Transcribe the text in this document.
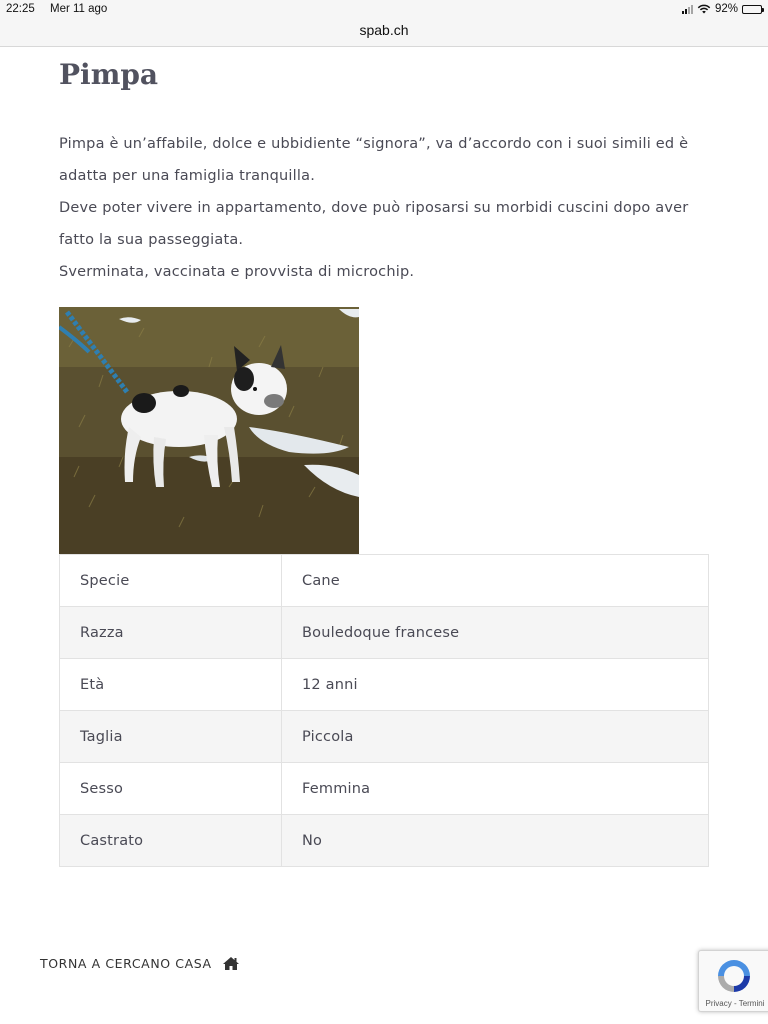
22:25 Mer 11 ago	92%
spab.ch
Pimpa

Pimpa è un’affabile, dolce e ubbidiente “signora”, va d’accordo con i suoi simili ed è adatta per una famiglia tranquilla.

Deve poter vivere in appartamento, dove può riposarsi su morbidi cuscini dopo aver fatto la sua passeggiata.

Sverminata, vaccinata e provvista di microchip.

Specie	Cane
Razza	Bouledoque francese
Età	12 anni
Taglia	Piccola
Sesso	Femmina
Castrato	No
TORNA A CERCANO CASA
Privacy - Termini
